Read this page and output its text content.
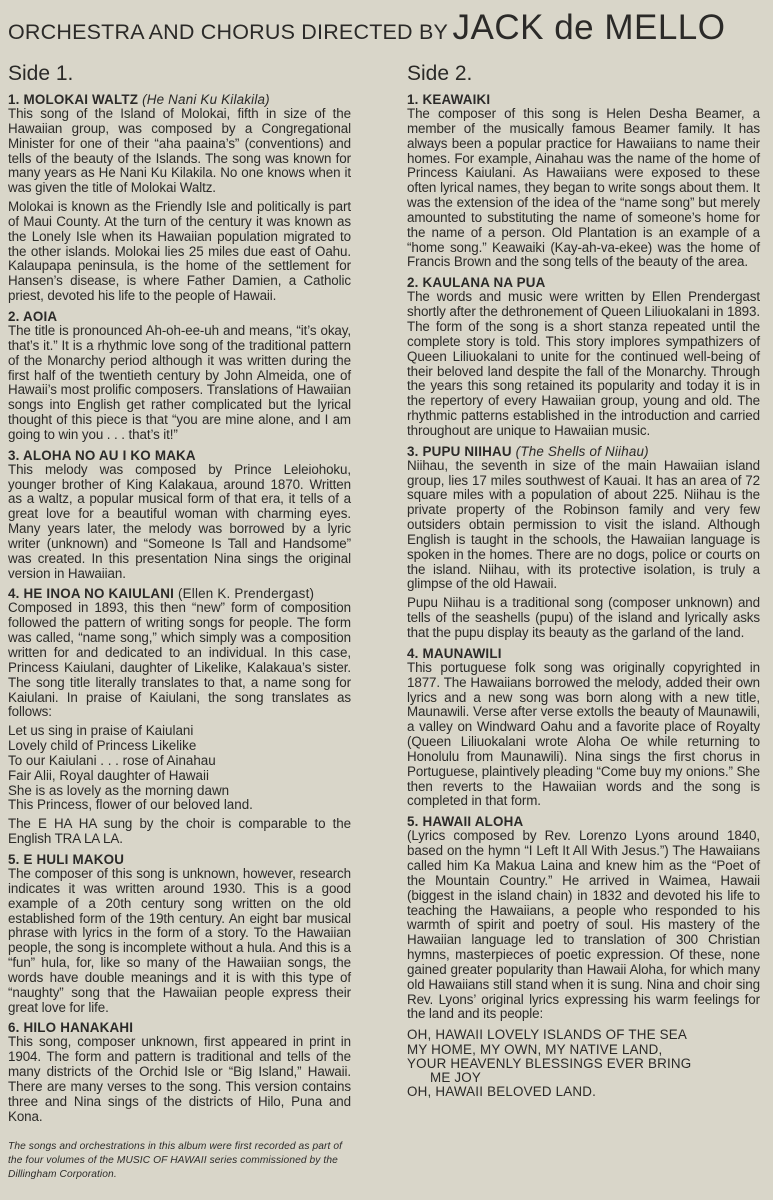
ORCHESTRA AND CHORUS DIRECTED BY JACK de MELLO
Side 1.

1. MOLOKAI WALTZ (He Nani Ku Kilakila)

This song of the Island of Molokai, fifth in size of the Hawaiian group, was composed by a Congregational Minister for one of their “aha paaina’s” (conventions) and tells of the beauty of the Islands. The song was known for many years as He Nani Ku Kilakila. No one knows when it was given the title of Molokai Waltz.

Molokai is known as the Friendly Isle and politically is part of Maui County. At the turn of the century it was known as the Lonely Isle when its Hawaiian population migrated to the other islands. Molokai lies 25 miles due east of Oahu. Kalaupapa peninsula, is the home of the settlement for Hansen’s disease, is where Father Damien, a Catholic priest, devoted his life to the people of Hawaii.

2. AOIA

The title is pronounced Ah-oh-ee-uh and means, “it’s okay, that’s it.” It is a rhythmic love song of the traditional pattern of the Monarchy period although it was written during the first half of the twentieth century by John Almeida, one of Hawaii’s most prolific composers. Translations of Hawaiian songs into English get rather complicated but the lyrical thought of this piece is that “you are mine alone, and I am going to win you . . . that’s it!”

3. ALOHA NO AU I KO MAKA

This melody was composed by Prince Leleiohoku, younger brother of King Kalakaua, around 1870. Written as a waltz, a popular musical form of that era, it tells of a great love for a beautiful woman with charming eyes. Many years later, the melody was borrowed by a lyric writer (unknown) and “Someone Is Tall and Handsome” was created. In this presentation Nina sings the original version in Hawaiian.

4. HE INOA NO KAIULANI (Ellen K. Prendergast)

Composed in 1893, this then “new” form of composition followed the pattern of writing songs for people. The form was called, “name song,” which simply was a composition written for and dedicated to an individual. In this case, Princess Kaiulani, daughter of Likelike, Kalakaua’s sister. The song title literally translates to that, a name song for Kaiulani. In praise of Kaiulani, the song translates as follows:

Let us sing in praise of Kaiulani
Lovely child of Princess Likelike
To our Kaiulani . . . rose of Ainahau
Fair Alii, Royal daughter of Hawaii
She is as lovely as the morning dawn
This Princess, flower of our beloved land.

The E HA HA sung by the choir is comparable to the English TRA LA LA.

5. E HULI MAKOU

The composer of this song is unknown, however, research indicates it was written around 1930. This is a good example of a 20th century song written on the old established form of the 19th century. An eight bar musical phrase with lyrics in the form of a story. To the Hawaiian people, the song is incomplete without a hula. And this is a “fun” hula, for, like so many of the Hawaiian songs, the words have double meanings and it is with this type of “naughty” song that the Hawaiian people express their great love for life.

6. HILO HANAKAHI

This song, composer unknown, first appeared in print in 1904. The form and pattern is traditional and tells of the many districts of the Orchid Isle or “Big Island,” Hawaii. There are many verses to the song. This version contains three and Nina sings of the districts of Hilo, Puna and Kona.

Side 2.

1. KEAWAIKI

The composer of this song is Helen Desha Beamer, a member of the musically famous Beamer family. It has always been a popular practice for Hawaiians to name their homes. For example, Ainahau was the name of the home of Princess Kaiulani. As Hawaiians were exposed to these often lyrical names, they began to write songs about them. It was the extension of the idea of the “name song” but merely amounted to substituting the name of someone’s home for the name of a person. Old Plantation is an example of a “home song.” Keawaiki (Kay-ah-va-ekee) was the home of Francis Brown and the song tells of the beauty of the area.

2. KAULANA NA PUA

The words and music were written by Ellen Prendergast shortly after the dethronement of Queen Liliuokalani in 1893. The form of the song is a short stanza repeated until the complete story is told. This story implores sympathizers of Queen Liliuokalani to unite for the continued well-being of their beloved land despite the fall of the Monarchy. Through the years this song retained its popularity and today it is in the repertory of every Hawaiian group, young and old. The rhythmic patterns established in the introduction and carried throughout are unique to Hawaiian music.

3. PUPU NIIHAU (The Shells of Niihau)

Niihau, the seventh in size of the main Hawaiian island group, lies 17 miles southwest of Kauai. It has an area of 72 square miles with a population of about 225. Niihau is the private property of the Robinson family and very few outsiders obtain permission to visit the island. Although English is taught in the schools, the Hawaiian language is spoken in the homes. There are no dogs, police or courts on the island. Niihau, with its protective isolation, is truly a glimpse of the old Hawaii.

Pupu Niihau is a traditional song (composer unknown) and tells of the seashells (pupu) of the island and lyrically asks that the pupu display its beauty as the garland of the land.

4. MAUNAWILI

This portuguese folk song was originally copyrighted in 1877. The Hawaiians borrowed the melody, added their own lyrics and a new song was born along with a new title, Maunawili. Verse after verse extolls the beauty of Maunawili, a valley on Windward Oahu and a favorite place of Royalty (Queen Liliuokalani wrote Aloha Oe while returning to Honolulu from Maunawili). Nina sings the first chorus in Portuguese, plaintively pleading “Come buy my onions.” She then reverts to the Hawaiian words and the song is completed in that form.

5. HAWAII ALOHA

(Lyrics composed by Rev. Lorenzo Lyons around 1840, based on the hymn “I Left It All With Jesus.”) The Hawaiians called him Ka Makua Laina and knew him as the “Poet of the Mountain Country.” He arrived in Waimea, Hawaii (biggest in the island chain) in 1832 and devoted his life to teaching the Hawaiians, a people who responded to his warmth of spirit and poetry of soul. His mastery of the Hawaiian language led to translation of 300 Christian hymns, masterpieces of poetic expression. Of these, none gained greater popularity than Hawaii Aloha, for which many old Hawaiians still stand when it is sung. Nina and choir sing Rev. Lyons’ original lyrics expressing his warm feelings for the land and its people:

OH, HAWAII LOVELY ISLANDS OF THE SEA
MY HOME, MY OWN, MY NATIVE LAND,
YOUR HEAVENLY BLESSINGS EVER BRING
ME JOY
OH, HAWAII BELOVED LAND.
The songs and orchestrations in this album were first recorded as part of the four volumes of the MUSIC OF HAWAII series commissioned by the Dillingham Corporation.
